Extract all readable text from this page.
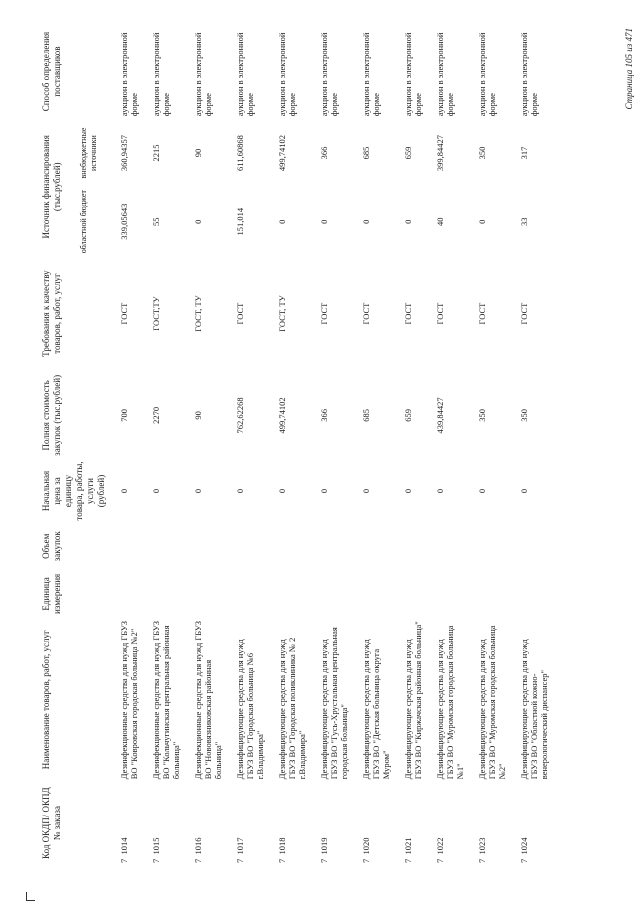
Код ОКДП/ ОКПД № заказа	Наименование товаров, работ, услуг	Единица измерения	Объем закупок	Начальная цена за единицу товара, работы, услуги (рублей)	Полная стоимость закупок (тыс.рублей)	Требования к качеству товаров, работ, услуг	Источник финансирования (тыс.рублей)		Способ определения поставщиков
							областной бюджет	внебюджетные источники	
7  1014	Дезинфекционные средства для нужд ГБУЗ ВО "Ковровская городская больница №2"			0	700	ГОСТ	339,05643	360,94357	аукцион в электронной форме
7  1015	Дезинфекционные средства для нужд ГБУЗ ВО "Кольчугинская центральная районная больница"			0	2270	ГОСТ,ТУ	55	2215	аукцион в электронной форме
7  1016	Дезинфекционные средства для нужд ГБУЗ ВО "Нововязниковская районная больница"			0	90	ГОСТ, ТУ	0	90	аукцион в электронной форме
7  1017	Дезинфицирующие средства для нужд ГБУЗ ВО "Городская больница №6 г.Владимира"			0	762,62268	ГОСТ	151,014	611,60868	аукцион в электронной форме
7  1018	Дезинфицирующие средства для нужд ГБУЗ ВО "Городская поликлиника № 2 г.Владимира"			0	499,74102	ГОСТ, ТУ	0	499,74102	аукцион в электронной форме
7  1019	Дезинфицирующие средства для нужд ГБУЗ ВО "Гусь-Хрустальная центральная городская больница"			0	366	ГОСТ	0	366	аукцион в электронной форме
7  1020	Дезинфицирующие средства для нужд ГБУЗ ВО "Детская больница округа Муром"			0	685	ГОСТ	0	685	аукцион в электронной форме
7  1021	Дезинфицирующие средства для нужд ГБУЗ ВО "Киржачская районная больница"			0	659	ГОСТ	0	659	аукцион в электронной форме
7  1022	Дезинфицирующие средства для нужд ГБУЗ ВО "Муромская городская больница №1"			0	439,84427	ГОСТ	40	399,84427	аукцион в электронной форме
7  1023	Дезинфицирующие средства для нужд ГБУЗ ВО "Муромская городская больница №2"			0	350	ГОСТ	0	350	аукцион в электронной форме
7  1024	Дезинфицирующие средства для нужд ГБУЗ ВО "Областной кожно-венерологический диспансер"			0	350	ГОСТ	33	317	аукцион в электронной форме	Страница 105 из 471
